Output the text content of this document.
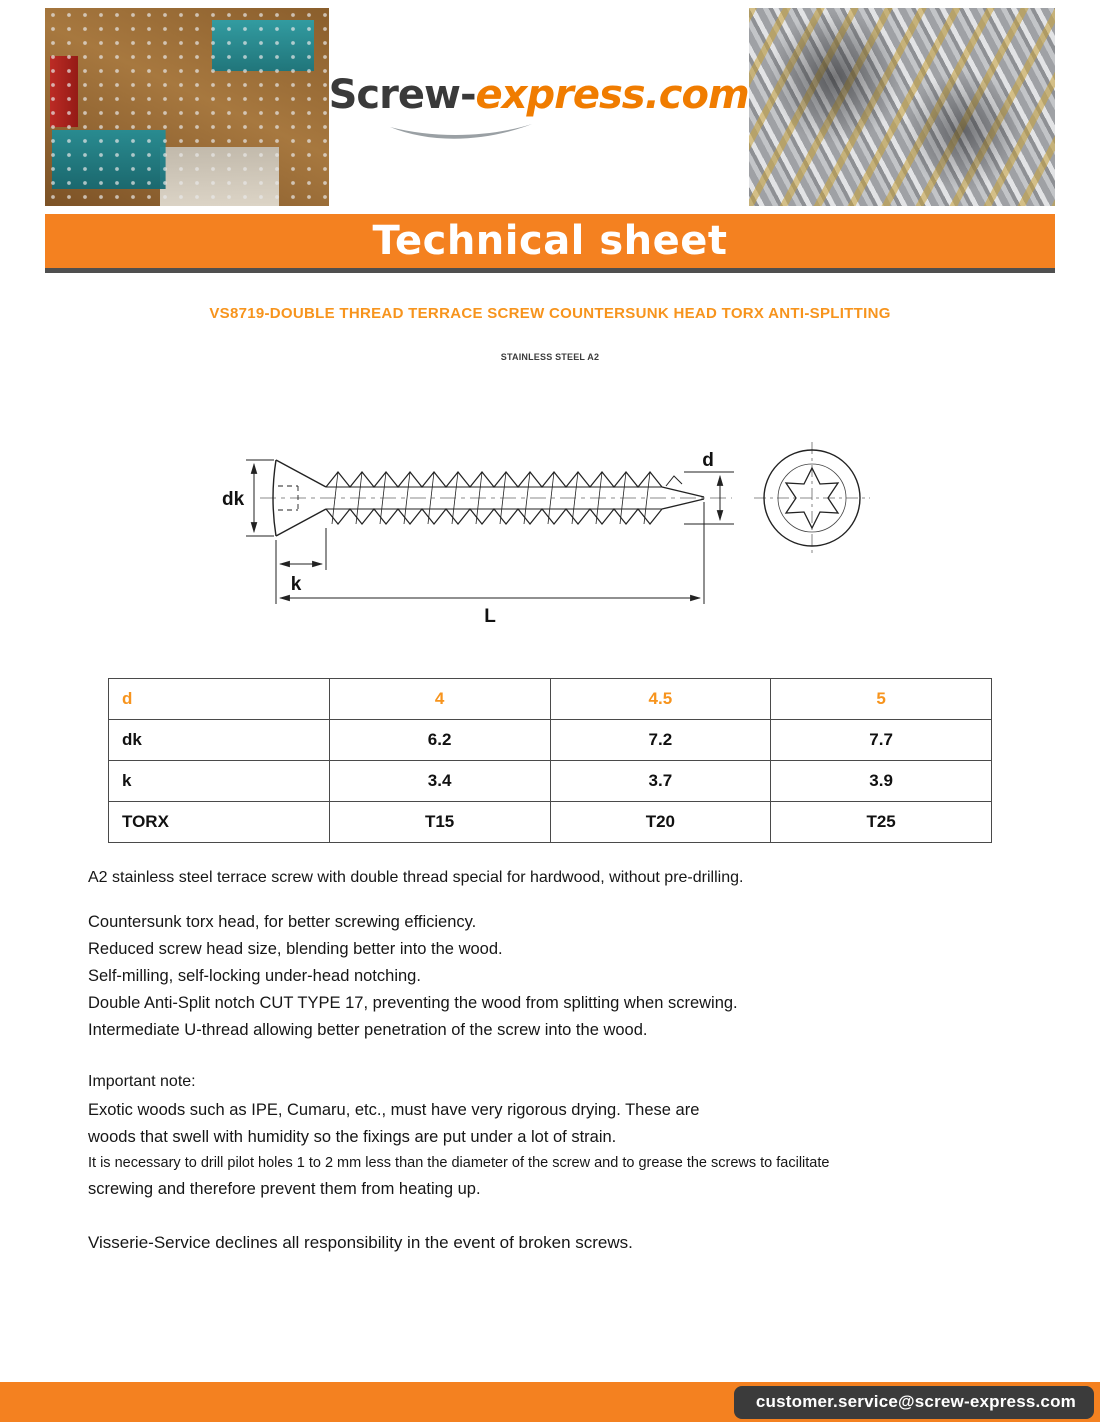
Screw-express.com
Technical sheet
VS8719-DOUBLE THREAD TERRACE SCREW COUNTERSUNK HEAD TORX ANTI-SPLITTING
STAINLESS STEEL A2
dk
k
L
d
d	4	4.5	5
dk	6.2	7.2	7.7
k	3.4	3.7	3.9
TORX	T15	T20	T25

A2 stainless steel terrace screw with double thread special for hardwood, without pre-drilling.

Countersunk torx head, for better screwing efficiency.

Reduced screw head size, blending better into the wood.

Self-milling, self-locking under-head notching.

Double Anti-Split notch CUT TYPE 17, preventing the wood from splitting when screwing.

Intermediate U-thread allowing better penetration of the screw into the wood.

Important note:

Exotic woods such as IPE, Cumaru, etc., must have very rigorous drying. These are

woods that swell with humidity so the fixings are put under a lot of strain.

It is necessary to drill pilot holes 1 to 2 mm less than the diameter of the screw and to grease the screws to facilitate

screwing and therefore prevent them from heating up.

Visserie-Service declines all responsibility in the event of broken screws.

customer.service@screw-express.com
